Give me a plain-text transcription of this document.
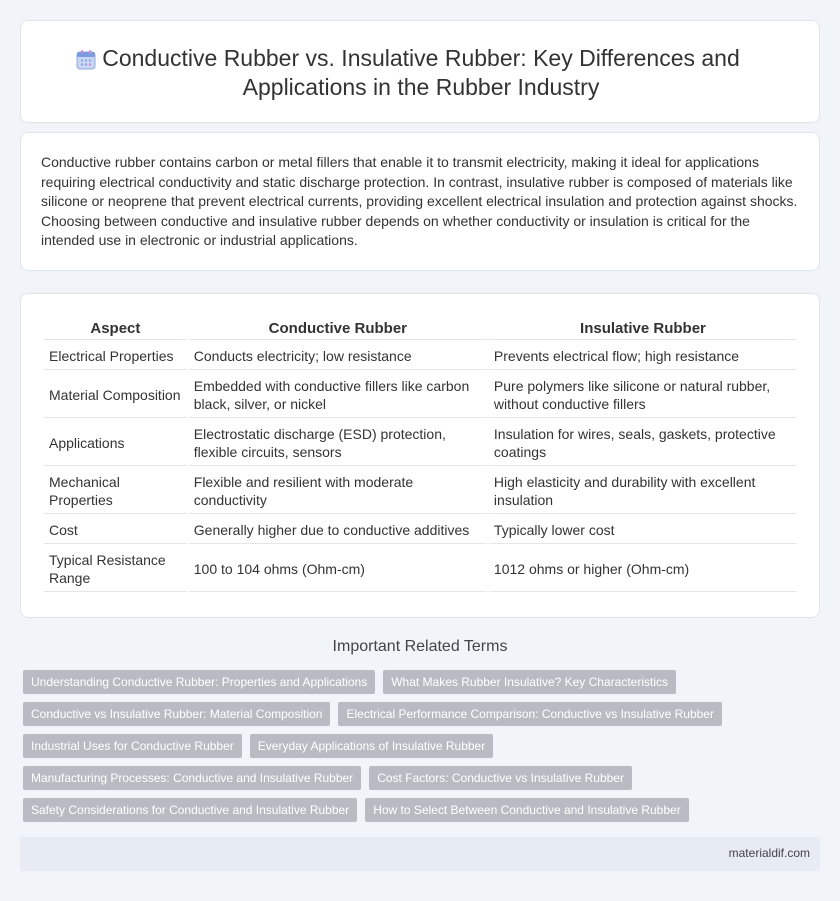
Conductive Rubber vs. Insulative Rubber: Key Differences and Applications in the Rubber Industry

Conductive rubber contains carbon or metal fillers that enable it to transmit electricity, making it ideal for applications requiring electrical conductivity and static discharge protection. In contrast, insulative rubber is composed of materials like silicone or neoprene that prevent electrical currents, providing excellent electrical insulation and protection against shocks. Choosing between conductive and insulative rubber depends on whether conductivity or insulation is critical for the intended use in electronic or industrial applications.

Aspect	Conductive Rubber	Insulative Rubber
Electrical Properties	Conducts electricity; low resistance	Prevents electrical flow; high resistance
Material Composition	Embedded with conductive fillers like carbon black, silver, or nickel	Pure polymers like silicone or natural rubber, without conductive fillers
Applications	Electrostatic discharge (ESD) protection, flexible circuits, sensors	Insulation for wires, seals, gaskets, protective coatings
Mechanical Properties	Flexible and resilient with moderate conductivity	High elasticity and durability with excellent insulation
Cost	Generally higher due to conductive additives	Typically lower cost
Typical Resistance Range	100 to 104 ohms (Ohm-cm)	1012 ohms or higher (Ohm-cm)
Important Related Terms
Understanding Conductive Rubber: Properties and Applications	What Makes Rubber Insulative? Key Characteristics
Conductive vs Insulative Rubber: Material Composition	Electrical Performance Comparison: Conductive vs Insulative Rubber
Industrial Uses for Conductive Rubber	Everyday Applications of Insulative Rubber
Manufacturing Processes: Conductive and Insulative Rubber	Cost Factors: Conductive vs Insulative Rubber
Safety Considerations for Conductive and Insulative Rubber	How to Select Between Conductive and Insulative Rubber
materialdif.com
